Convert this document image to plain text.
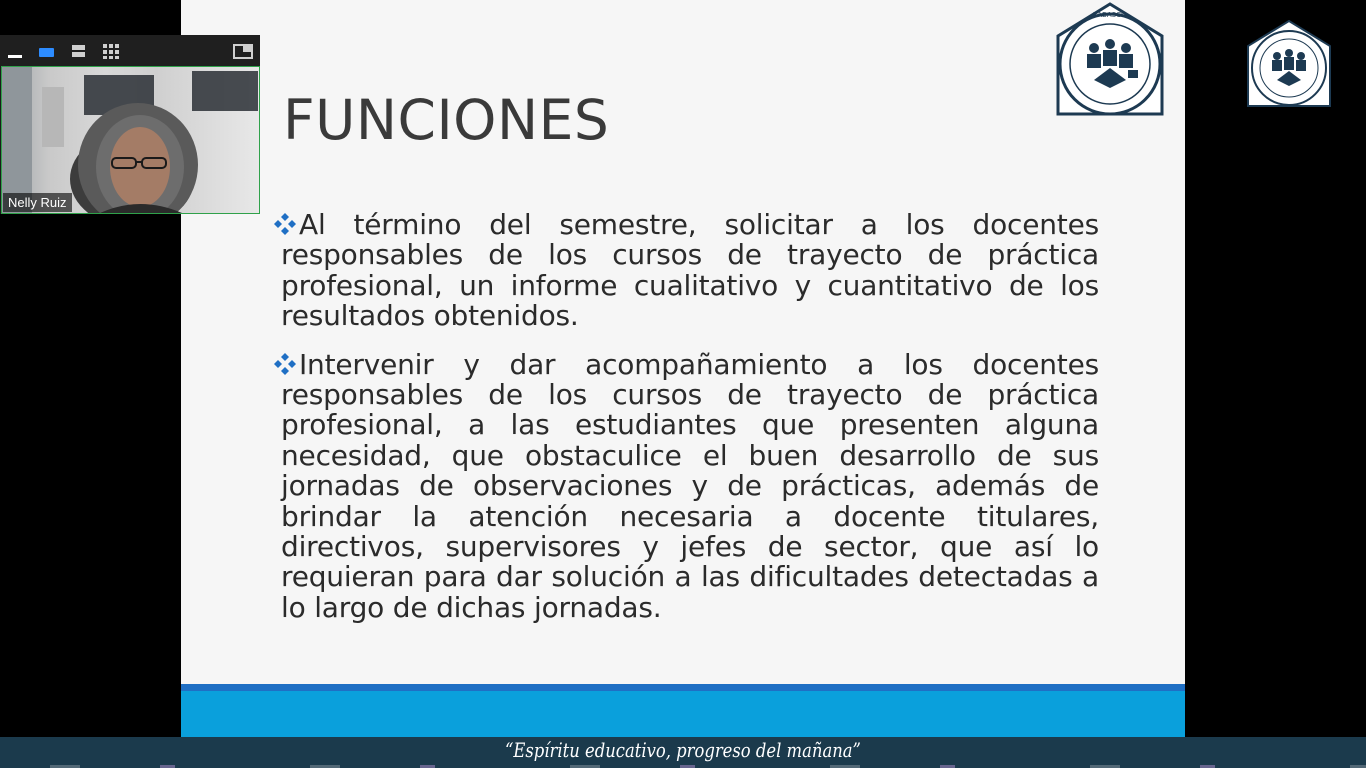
FUNCIONES
TABASCO
Al término del semestre, solicitar a los docentes responsables de los cursos de trayecto de práctica profesional, un informe cualitativo y cuantitativo de los resultados obtenidos.
Intervenir y dar acompañamiento a los docentes responsables de los cursos de trayecto de práctica profesional, a las estudiantes que presenten alguna necesidad, que obstaculice el buen desarrollo de sus jornadas de observaciones y de prácticas, además de brindar la atención necesaria a docente titulares, directivos, supervisores y jefes de sector, que así lo requieran para dar solución a las dificultades detectadas a lo largo de dichas jornadas.
Nelly Ruiz
“Espíritu educativo, progreso del mañana”
